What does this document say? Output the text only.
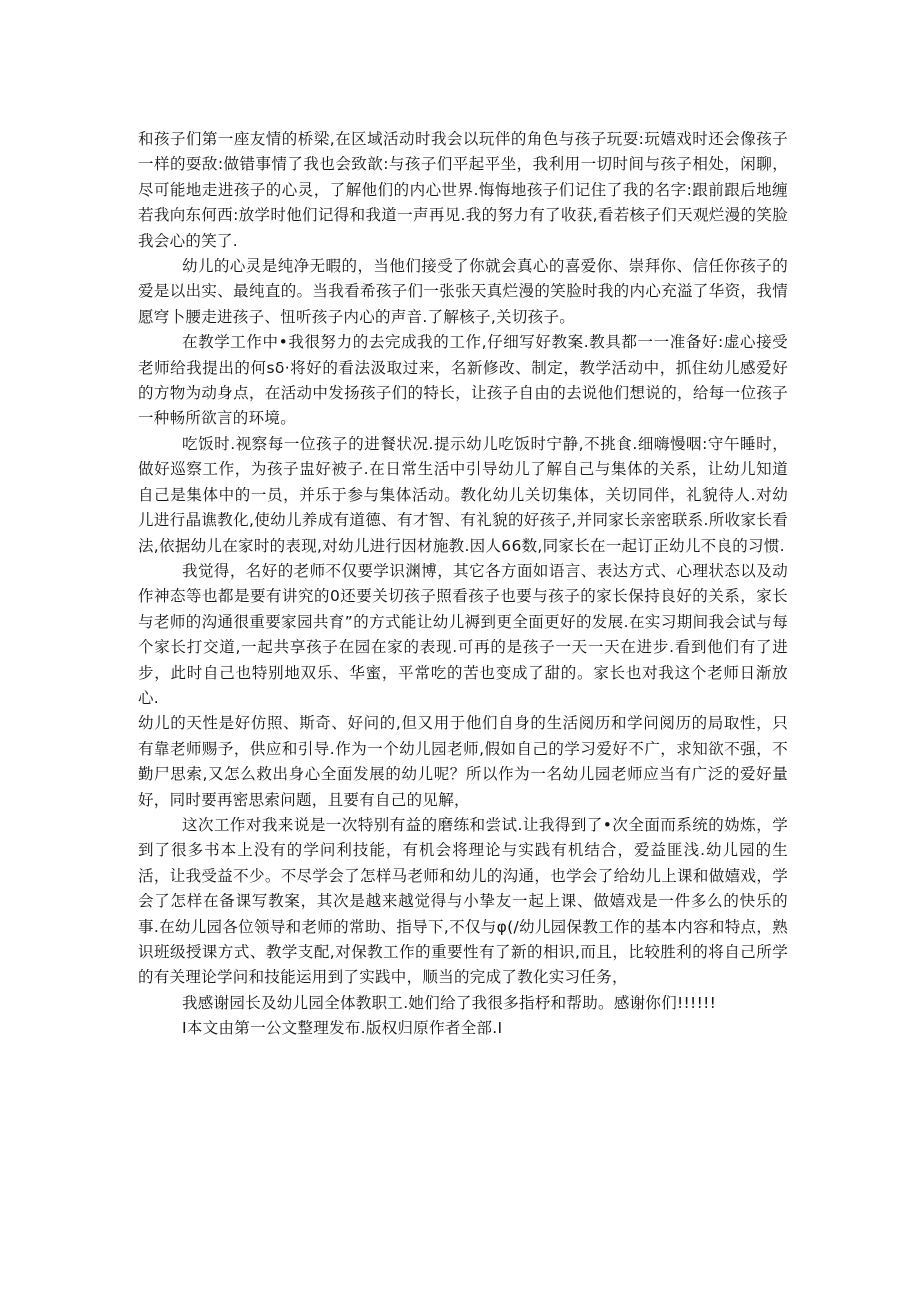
和孩子们第一座友情的桥梁,在区域活动时我会以玩伴的角色与孩子玩耍:玩嬉戏时还会像孩子一样的耍敌:做错事情了我也会致歆:与孩子们平起平坐，我利用一切时间与孩子相处，闲聊，尽可能地走进孩子的心灵，了解他们的内心世界.悔悔地孩子们记住了我的名字:跟前跟后地缠若我向东何西:放学时他们记得和我道一声再见.我的努力有了收获,看若核子们天观烂漫的笑脸我会心的笑了.

幼儿的心灵是纯净无暇的，当他们接受了你就会真心的喜爱你、崇拜你、信任你孩子的爱是以出实、最纯直的。当我看希孩子们一张张天真烂漫的笑脸时我的内心充溢了华资，我情愿穹卜腰走进孩子、忸听孩子内心的声音.了解核子,关切孩子。

在教学工作中•我很努力的去完成我的工作,仔细写好教案.教具都一一准备好:虚心接受老师给我提出的何sδ·将好的看法汲取过来，名新修改、制定，教学活动中，抓住幼儿感爱好的方物为动身点，在活动中发扬孩子们的特长，让孩子自由的去说他们想说的，给每一位孩子一种畅所欲言的环境。

吃饭时.视察每一位孩子的进餐状况.提示幼儿吃饭时宁静,不挑食.细嗨慢咽:守午睡时，做好巡察工作，为孩子盅好被子.在日常生活中引导幼儿了解自己与集体的关系，让幼儿知道自己是集体中的一员，并乐于参与集体活动。教化幼儿关切集体，关切同伴，礼貌待人.对幼儿进行晶谯教化,使幼儿养成有道德、有才智、有礼貌的好孩子,并同家长亲密联系.所收家长看法,依据幼儿在家时的表现,对幼儿进行因材施教.因人66数,同家长在一起订正幼儿不良的习惯.

我觉得，名好的老师不仅要学识渊博，其它各方面如语言、表达方式、心理状态以及动作神态等也都是要有讲究的0还要关切孩子照看孩子也要与孩子的家长保持良好的关系，家长与老师的沟通很重要家园共育”的方式能让幼儿褥到更全面更好的发展.在实习期间我会试与每个家长打交道,一起共享孩子在园在家的表现.可再的是孩子一天一天在进步.看到他们有了进步，此时自己也特别地双乐、华蜜，平常吃的苦也变成了甜的。家长也对我这个老师日渐放心.

幼儿的天性是好仿照、斯奇、好问的,但又用于他们自身的生活阅历和学问阅历的局取性，只有靠老师赐予，供应和引导.作为一个幼儿园老师,假如自己的学习爱好不广，求知欲不强，不勤尸思索,又怎么救出身心全面发展的幼儿呢？所以作为一名幼儿园老师应当有广泛的爱好量好，同时要再密思索问题，且要有自己的见解，

这次工作对我来说是一次特别有益的磨练和尝试.让我得到了•次全面而系统的妫炼，学到了很多书本上没有的学问利技能，有机会将理论与实践有机结合，爱益匪浅.幼儿园的生活，让我受益不少。不尽学会了怎样马老师和幼儿的沟通，也学会了给幼儿上课和做嬉戏，学会了怎样在备课写教案，其次是越来越觉得与小挚友一起上课、做嬉戏是一件多么的快乐的事.在幼儿园各位领导和老师的常助、指导下,不仅与φ(/幼儿园保教工作的基本内容和特点，熟识班级授课方式、教学支配,对保教工作的重要性有了新的相识,而且，比较胜利的将自己所学的有关理论学问和技能运用到了实践中，顺当的完成了教化实习任务，

我感谢园长及幼儿园全体教职工.她们给了我很多指杼和帮助。感谢你们!!!!!!

I本文由第一公文整理发布.版权归原作者全部.I
